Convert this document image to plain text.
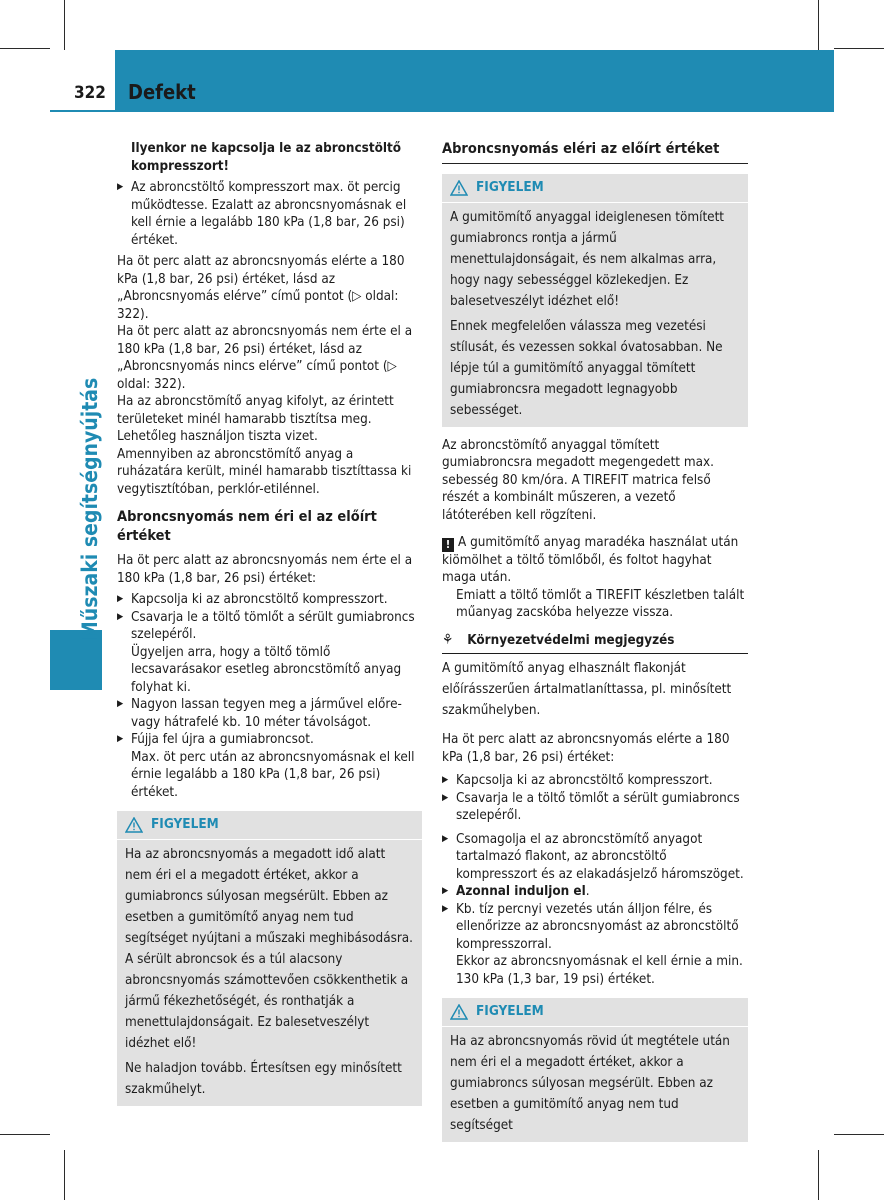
322 Defekt
Műszaki segítségnyújtás

Ilyenkor ne kapcsolja le az abroncstöltő kompresszort!

▶ Az abroncstöltő kompresszort max. öt percig működtesse. Ezalatt az abroncsnyomásnak el kell érnie a legalább 180 kPa (1,8 bar, 26 psi) értéket.

Ha öt perc alatt az abroncsnyomás elérte a 180 kPa (1,8 bar, 26 psi) értéket, lásd az „Abroncsnyomás elérve” című pontot (▷ oldal: 322).

Ha öt perc alatt az abroncsnyomás nem érte el a 180 kPa (1,8 bar, 26 psi) értéket, lásd az „Abroncsnyomás nincs elérve” című pontot (▷ oldal: 322).

Ha az abroncstömítő anyag kifolyt, az érintett területeket minél hamarabb tisztítsa meg. Lehetőleg használjon tiszta vizet.

Amennyiben az abroncstömítő anyag a ruházatára került, minél hamarabb tisztíttassa ki vegytisztítóban, perklór-etilénnel.

Abroncsnyomás nem éri el az előírt értéket

Ha öt perc alatt az abroncsnyomás nem érte el a 180 kPa (1,8 bar, 26 psi) értéket:

▶ Kapcsolja ki az abroncstöltő kompresszort.

▶ Csavarja le a töltő tömlőt a sérült gumiabroncs szelepéről.

Ügyeljen arra, hogy a töltő tömlő lecsavarásakor esetleg abroncstömítő anyag folyhat ki.

▶ Nagyon lassan tegyen meg a járművel előre-vagy hátrafelé kb. 10 méter távolságot.

▶ Fújja fel újra a gumiabroncsot.

Max. öt perc után az abroncsnyomásnak el kell érnie legalább a 180 kPa (1,8 bar, 26 psi) értéket.

FIGYELEM

Ha az abroncsnyomás a megadott idő alatt nem éri el a megadott értéket, akkor a gumiabroncs súlyosan megsérült. Ebben az esetben a gumitömítő anyag nem tud segítséget nyújtani a műszaki meghibásodásra. A sérült abroncsok és a túl alacsony abroncsnyomás számottevően csökkenthetik a jármű fékezhetőségét, és ronthatják a menettulajdonságait. Ez balesetveszélyt idézhet elő!

Ne haladjon tovább. Értesítsen egy minősített szakműhelyt.

Abroncsnyomás eléri az előírt értéket
FIGYELEM

A gumitömítő anyaggal ideiglenesen tömített gumiabroncs rontja a jármű menettulajdonságait, és nem alkalmas arra, hogy nagy sebességgel közlekedjen. Ez balesetveszélyt idézhet elő!

Ennek megfelelően válassza meg vezetési stílusát, és vezessen sokkal óvatosabban. Ne lépje túl a gumitömítő anyaggal tömített gumiabroncsra megadott legnagyobb sebességet.

Az abroncstömítő anyaggal tömített gumiabroncsra megadott megengedett max. sebesség 80 km/óra. A TIREFIT matrica felső részét a kombinált műszeren, a vezető látóterében kell rögzíteni.

! A gumitömítő anyag maradéka használat után kiömölhet a töltő tömlőből, és foltot hagyhat maga után.

Emiatt a töltő tömlőt a TIREFIT készletben talált műanyag zacskóba helyezze vissza.

⚘ Környezetvédelmi megjegyzés

A gumitömítő anyag elhasznált flakonját előírásszerűen ártalmatlaníttassa, pl. minősített szakműhelyben.

Ha öt perc alatt az abroncsnyomás elérte a 180 kPa (1,8 bar, 26 psi) értéket:

▶ Kapcsolja ki az abroncstöltő kompresszort.

▶ Csavarja le a töltő tömlőt a sérült gumiabroncs szelepéről.

▶ Csomagolja el az abroncstömítő anyagot tartalmazó flakont, az abroncstöltő kompresszort és az elakadásjelző háromszöget.

▶ Azonnal induljon el.

▶ Kb. tíz percnyi vezetés után álljon félre, és ellenőrizze az abroncsnyomást az abroncstöltő kompresszorral.

Ekkor az abroncsnyomásnak el kell érnie a min. 130 kPa (1,3 bar, 19 psi) értéket.

FIGYELEM

Ha az abroncsnyomás rövid út megtétele után nem éri el a megadott értéket, akkor a gumiabroncs súlyosan megsérült. Ebben az esetben a gumitömítő anyag nem tud segítséget
